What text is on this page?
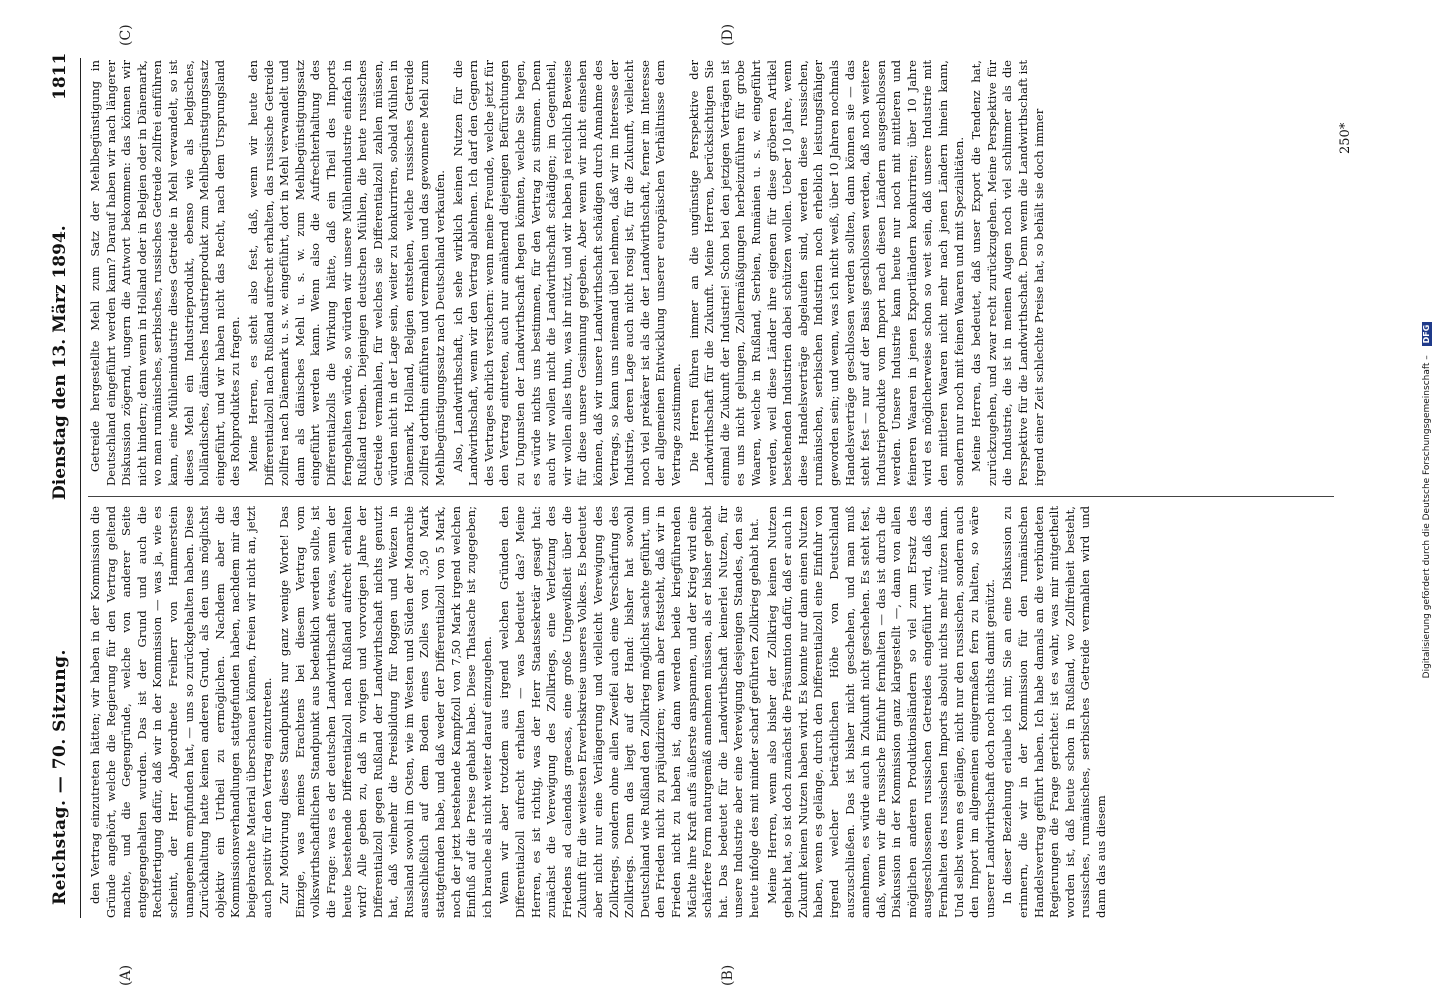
Reichstag. — 70. Sitzung.
Dienstag den 13. März 1894.
1811
(A)	(B)
(C)	(D)

den Vertrag einzutreten hätten; wir haben in der Kommission die Gründe angehört, welche die Regierung für den Vertrag geltend machte, und die Gegengründe, welche von anderer Seite entgegengehalten wurden. Das ist der Grund und auch die Rechtfertigung dafür, daß wir in der Kommission — was ja, wie es scheint, der Herr Abgeordnete Freiherr von Hammerstein unangenehm empfunden hat, — uns so zurückgehalten haben. Diese Zurückhaltung hatte keinen anderen Grund, als den uns möglichst objektiv ein Urtheil zu ermöglichen. Nachdem aber die Kommissionsverhandlungen stattgefunden haben, nachdem mir das beigebrachte Material überschauen können, freien wir nicht an, jetzt auch positiv für den Vertrag einzutreten. Zur Motivirung dieses Standpunkts nur ganz wenige Worte! Das Einzige, was meines Erachtens bei diesem Vertrag vom volkswirthschaftlichen Standpunkt aus bedenklich werden sollte, ist die Frage: was es der deutschen Landwirthschaft etwas, wenn der heute bestehende Differentialzoll nach Rußland aufrecht erhalten wird? Alle geben zu, daß in vorigen und vorvorigen Jahre der Differentialzoll gegen Rußland der Landwirthschaft nichts genutzt hat, daß vielmehr die Preisbildung für Roggen und Weizen in Russland sowohl im Osten, wie im Westen und Süden der Monarchie ausschließlich auf dem Boden eines Zolles von 3,50 Mark stattgefunden habe, und daß weder der Differentialzoll von 5 Mark, noch der jetzt bestehende Kampfzoll von 7,50 Mark irgend welchen Einfluß auf die Preise gehabt habe. Diese Thatsache ist zugegeben; ich brauche als nicht weiter darauf einzugehen. Wenn wir aber trotzdem aus irgend welchen Gründen den Differentialzoll aufrecht erhalten — was bedeutet das? Meine Herren, es ist richtig, was der Herr Staatssekretär gesagt hat: zunächst die Verewigung des Zollkriegs, eine Verletzung des Friedens ad calendas graecas, eine große Ungewißheit über die Zukunft für die weitesten Erwerbskreise unseres Volkes. Es bedeutet aber nicht nur eine Verlängerung und vielleicht Verewigung des Zollkriegs, sondern ohne allen Zweifel auch eine Verschärfung des Zollkriegs. Denn das liegt auf der Hand: bisher hat sowohl Deutschland wie Rußland den Zollkrieg möglichst sachte geführt, um den Frieden nicht zu präjudiziren; wenn aber feststeht, daß wir in Frieden nicht zu haben ist, dann werden beide kriegführenden Mächte ihre Kraft aufs äußerste anspannen, und der Krieg wird eine schärfere Form naturgemäß annehmen müssen, als er bisher gehabt hat. Das bedeutet für die Landwirthschaft keinerlei Nutzen, für unsere Industrie aber eine Verewigung desjenigen Standes, den sie heute infolge des mit minder scharf geführten Zollkrieg gehabt hat. Meine Herren, wenn also bisher der Zollkrieg keinen Nutzen gehabt hat, so ist doch zunächst die Präsumtion dafür, daß er auch in Zukunft keinen Nutzen haben wird. Es konnte nur dann einen Nutzen haben, wenn es gelänge, durch den Differentialzoll eine Einfuhr von irgend welcher beträchtlichen Höhe von Deutschland auszuschließen. Das ist bisher nicht geschehen, und man muß annehmen, es würde auch in Zukunft nicht geschehen. Es steht fest, daß, wenn wir die russische Einfuhr fernhalten — das ist durch die Diskussion in der Kommission ganz klargestellt —, dann von allen möglichen anderen Produktionsländern so viel zum Ersatz des ausgeschlossenen russischen Getreides eingeführt wird, daß das Fernhalten des russischen Imports absolut nichts mehr nützen kann. Und selbst wenn es gelänge, nicht nur den russischen, sondern auch den Import im allgemeinen einigermaßen fern zu halten, so wäre unserer Landwirthschaft doch noch nichts damit genützt. In dieser Beziehung erlaube ich mir, Sie an eine Diskussion zu erinnern, die wir in der Kommission für den rumänischen Handelsvertrag geführt haben. Ich habe damals an die verbündeten Regierungen die Frage gerichtet: ist es wahr, was mir mitgetheilt worden ist, daß heute schon in Rußland, wo Zollfreiheit besteht, russisches, rumänisches, serbisches Getreide vermahlen wird und dann das aus diesem

Getreide hergestellte Mehl zum Satz der Mehlbegünstigung in Deutschland eingeführt werden kann? Darauf haben wir nach längerer Diskussion zögernd, ungern die Antwort bekommen: das können wir nicht hindern; denn wenn in Holland oder in Belgien oder in Dänemark, wo man rumänisches, serbisches, russisches Getreide zollfrei einführen kann, eine Mühlenindustrie dieses Getreide in Mehl verwandelt, so ist dieses Mehl ein Industrieprodukt, ebenso wie als belgisches, holländisches, dänisches Industrieprodukt zum Mehlbegünstigungssatz eingeführt, und wir haben nicht das Recht, nach dem Ursprungsland des Rohproduktes zu fragen. Meine Herren, es steht also fest, daß, wenn wir heute den Differentialzoll nach Rußland aufrecht erhalten, das russische Getreide zollfrei nach Dänemark u. s. w. eingeführt, dort in Mehl verwandelt und dann als dänisches Mehl u. s. w. zum Mehlbegünstigungssatz eingeführt werden kann. Wenn also die Aufrechterhaltung des Differentialzolls die Wirkung hätte, daß ein Theil des Imports ferngehalten würde, so würden wir unsere Mühlenindustrie einfach in Rußland treiben. Diejenigen deutschen Mühlen, die heute russisches Getreide vermahlen, für welches sie Differentialzoll zahlen müssen, würden nicht in der Lage sein, weiter zu konkurriren, sobald Mühlen in Dänemark, Holland, Belgien entstehen, welche russisches Getreide zollfrei dorthin einführen und vermahlen und das gewonnene Mehl zum Mehlbegünstigungssatz nach Deutschland verkaufen. Also, Landwirthschaft, ich sehe wirklich keinen Nutzen für die Landwirthschaft, wenn wir den Vertrag ablehnen. Ich darf den Gegnern des Vertrages ehrlich versichern: wenn meine Freunde, welche jetzt für den Vertrag eintreten, auch nur annähernd diejenigen Befürchtungen zu Ungunsten der Landwirthschaft hegen könnten, welche Sie hegen, es würde nichts uns bestimmen, für den Vertrag zu stimmen. Denn auch wir wollen nicht die Landwirthschaft schädigen; im Gegentheil, wir wollen alles thun, was ihr nützt, und wir haben ja reichlich Beweise für diese unsere Gesinnung gegeben. Aber wenn wir nicht einsehen können, daß wir unsere Landwirthschaft schädigen durch Annahme des Vertrags, so kann uns niemand übel nehmen, daß wir im Interesse der Industrie, deren Lage auch nicht rosig ist, für die Zukunft, vielleicht noch viel prekärer ist als die der Landwirthschaft, ferner im Interesse der allgemeinen Entwicklung unserer europäischen Verhältnisse dem Vertrage zustimmen. Die Herren führen immer an die ungünstige Perspektive der Landwirthschaft für die Zukunft. Meine Herren, berücksichtigen Sie einmal die Zukunft der Industrie! Schon bei den jetzigen Verträgen ist es uns nicht gelungen, Zollermäßigungen herbeizuführen für grobe Waaren, welche in Rußland, Serbien, Rumänien u. s. w. eingeführt werden, weil diese Länder ihre eigenen für diese gröberen Artikel bestehenden Industrien dabei schützen wollen. Ueber 10 Jahre, wenn diese Handelsverträge abgelaufen sind, werden diese russischen, rumänischen, serbischen Industrien noch erheblich leistungsfähiger geworden sein; und wenn, was ich nicht weiß, über 10 Jahren nochmals Handelsverträge geschlossen werden sollten, dann können sie — das steht fest — nur auf der Basis geschlossen werden, daß noch weitere Industrieprodukte vom Import nach diesen Ländern ausgeschlossen werden. Unsere Industrie kann heute nur noch mit mittleren und feineren Waaren in jenen Exportländern konkurriren; über 10 Jahre wird es möglicherweise schon so weit sein, daß unsere Industrie mit den mittleren Waaren nicht mehr nach jenen Ländern hinein kann, sondern nur noch mit feinen Waaren und mit Spezialitäten. Meine Herren, das bedeutet, daß unser Export die Tendenz hat, zurückzugehen, und zwar recht zurückzugehen. Meine Perspektive für die Industrie, die ist in meinen Augen noch viel schlimmer als die Perspektive für die Landwirthschaft. Denn wenn die Landwirthschaft ist irgend einer Zeit schlechte Preise hat, so behält sie doch immer	250*
Digitalisierung gefördert durch die Deutsche Forschungsgemeinschaft – DFG
